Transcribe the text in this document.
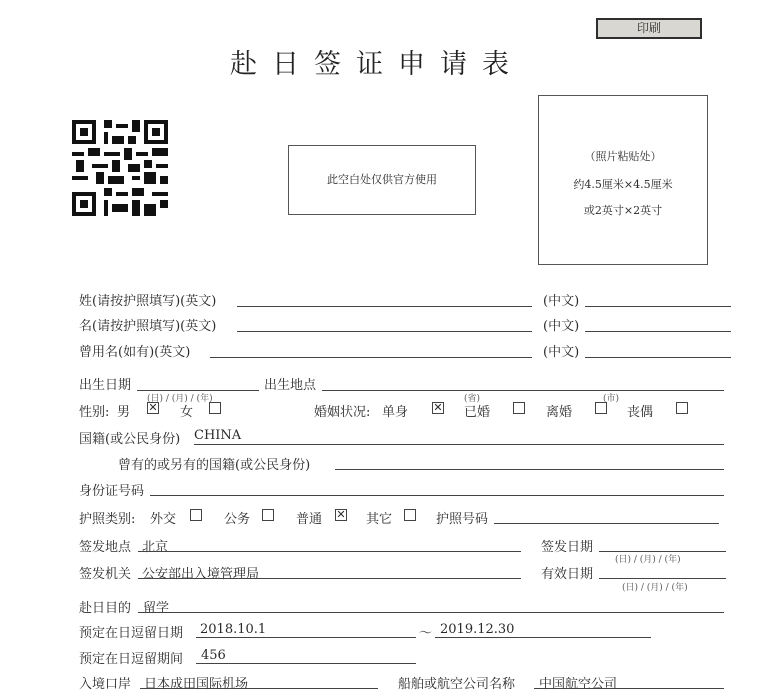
印刷
赴日签证申请表
此空白处仅供官方使用
（照片粘贴处）
约4.5厘米×4.5厘米
或2英寸×2英寸
姓(请按护照填写)(英文)	(中文)
名(请按护照填写)(英文)	(中文)
曾用名(如有)(英文)	(中文)
出生日期
(日) / (月) / (年)
出生地点
(省)	(市)
性别: 男 ✕ 女	婚姻状况: 单身 ✕ 已婚	离婚	丧偶
国籍(或公民身份) CHINA
曾有的或另有的国籍(或公民身份)
身份证号码
护照类别: 外交	公务	普通 ✕ 其它	护照号码
签发地点 北京	签发日期
(日) / (月) / (年)
签发机关 公安部出入境管理局	有效日期
(日) / (月) / (年)
赴日目的 留学
预定在日逗留日期 2018.10.1	～ 2019.12.30
预定在日逗留期间 456
入境口岸 日本成田国际机场	船舶或航空公司名称 中国航空公司
